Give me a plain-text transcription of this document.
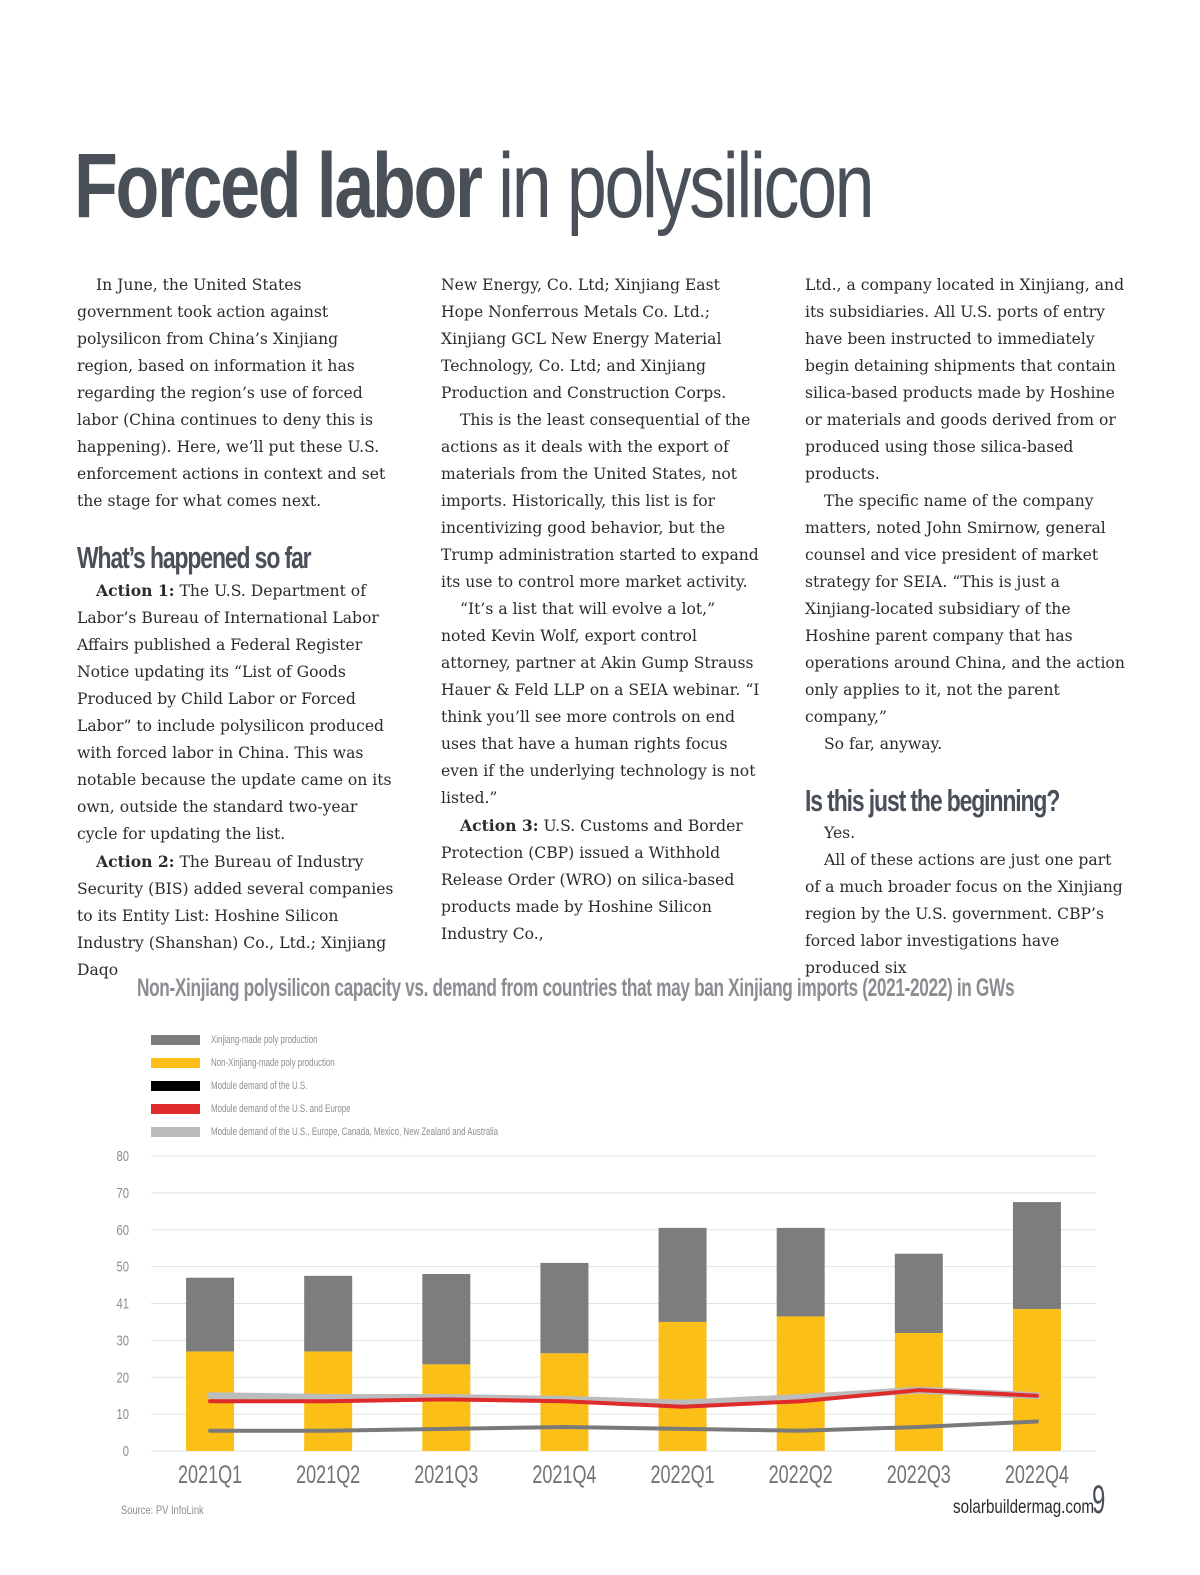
Forced labor in polysilicon

In June, the United States government took action against polysilicon from China’s Xinjiang region, based on information it has regarding the region’s use of forced labor (China continues to deny this is happening). Here, we’ll put these U.S. enforcement actions in context and set the stage for what comes next.

What’s happened so far

Action 1: The U.S. Department of Labor’s Bureau of International Labor Affairs published a Federal Register Notice updating its “List of Goods Produced by Child Labor or Forced Labor” to include polysilicon produced with forced labor in China. This was notable because the update came on its own, outside the standard two-year cycle for updating the list.

Action 2: The Bureau of Industry Security (BIS) added several companies to its Entity List: Hoshine Silicon Industry (Shanshan) Co., Ltd.; Xinjiang Daqo

New Energy, Co. Ltd; Xinjiang East Hope Nonferrous Metals Co. Ltd.; Xinjiang GCL New Energy Material Technology, Co. Ltd; and Xinjiang Production and Construction Corps.

This is the least consequential of the actions as it deals with the export of materials from the United States, not imports. Historically, this list is for incentivizing good behavior, but the Trump administration started to expand its use to control more market activity.

“It’s a list that will evolve a lot,” noted Kevin Wolf, export control attorney, partner at Akin Gump Strauss Hauer & Feld LLP on a SEIA webinar. “I think you’ll see more controls on end uses that have a human rights focus even if the underlying technology is not listed.”

Action 3: U.S. Customs and Border Protection (CBP) issued a Withhold Release Order (WRO) on silica-based products made by Hoshine Silicon Industry Co.,

Ltd., a company located in Xinjiang, and its subsidiaries. All U.S. ports of entry have been instructed to immediately begin detaining shipments that contain silica-based products made by Hoshine or materials and goods derived from or produced using those silica-based products.

The specific name of the company matters, noted John Smirnow, general counsel and vice president of market strategy for SEIA. “This is just a Xinjiang-located subsidiary of the Hoshine parent company that has operations around China, and the action only applies to it, not the parent company,”

So far, anyway.

Is this just the beginning?

Yes.

All of these actions are just one part of a much broader focus on the Xinjiang region by the U.S. government. CBP’s forced labor investigations have produced six

Non-Xinjiang polysilicon capacity vs. demand from countries that may ban Xinjiang imports (2021-2022) in GWs
Xinjiang-made poly production
Non-Xinjiang-made poly production
Module demand of the U.S.
Module demand of the U.S. and Europe
Module demand of the U.S., Europe, Canada, Mexico, New Zealand and Australia
80
70
60
50
41
30
20
10
0
2021Q1 2021Q2 2021Q3 2021Q4 2022Q1 2022Q2 2022Q3 2022Q4
Source: PV InfoLink	solarbuildermag.com
9
